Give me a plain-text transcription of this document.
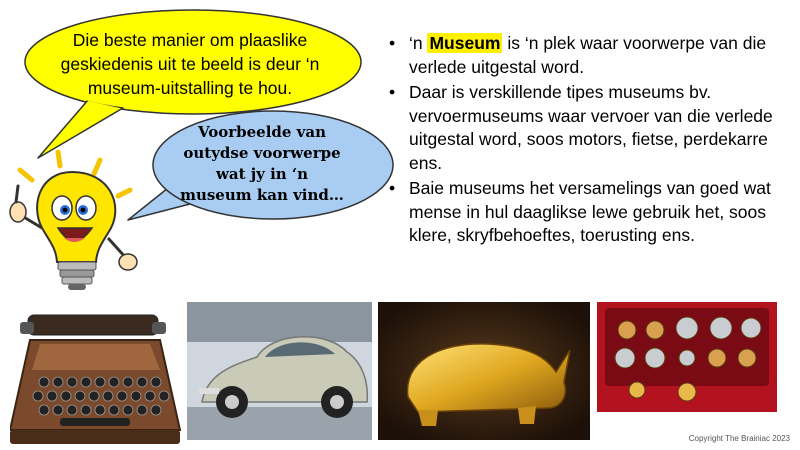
Die beste manier om plaaslike
geskiedenis uit te beeld is deur ‘n
museum-uitstalling te hou.
Voorbeelde van
outydse voorwerpe
wat jy in ‘n
museum kan vind…
• ‘n Museum is ‘n plek waar voorwerpe van die verlede uitgestal word.
• Daar is verskillende tipes museums bv. vervoermuseums waar vervoer van die verlede uitgestal word, soos motors, fietse, perdekarre ens.
• Baie museums het versamelings van goed wat mense in hul daaglikse lewe gebruik het, soos klere, skryfbehoeftes, toerusting ens.
Copyright The Brainiac 2023
